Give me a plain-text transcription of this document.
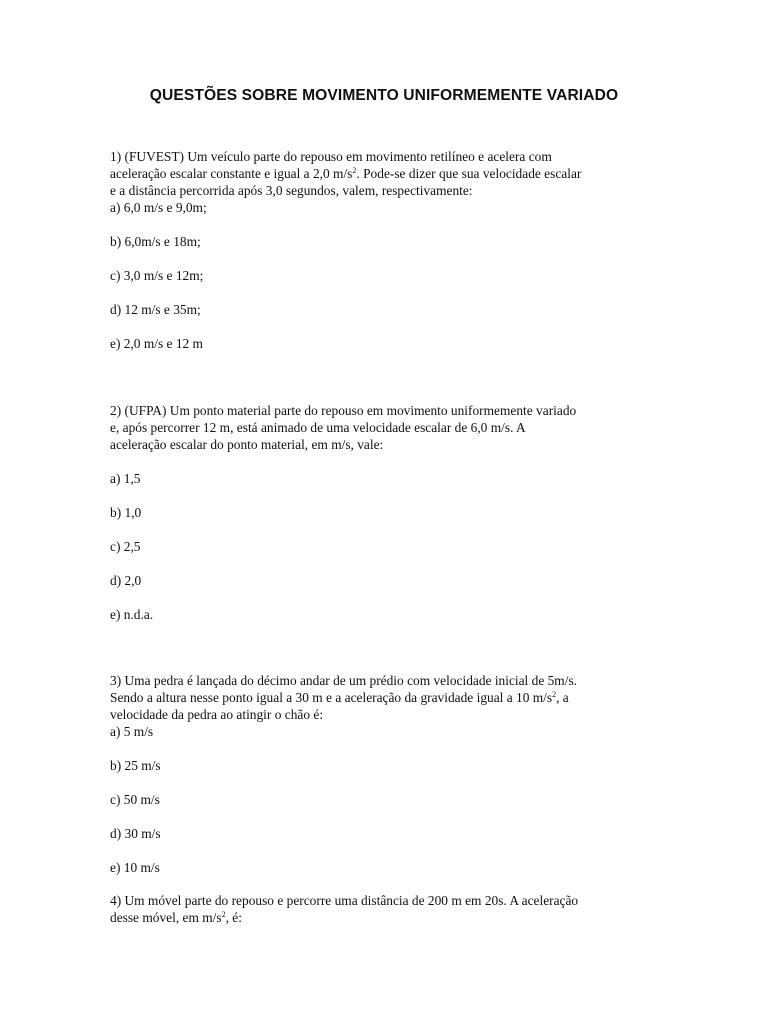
QUESTÕES SOBRE MOVIMENTO UNIFORMEMENTE VARIADO
1) (FUVEST) Um veículo parte do repouso em movimento retilíneo e acelera com
aceleração escalar constante e igual a 2,0 $m/s^2$. Pode-se dizer que sua velocidade escalar
e a distância percorrida após 3,0 segundos, valem, respectivamente:
a) 6,0 m/s e 9,0m;
b) 6,0m/s e 18m;
c) 3,0 m/s e 12m;
d) 12 m/s e 35m;
e) 2,0 m/s e 12 m
2) (UFPA) Um ponto material parte do repouso em movimento uniformemente variado
e, após percorrer 12 m, está animado de uma velocidade escalar de 6,0 m/s. A
aceleração escalar do ponto material, em m/s, vale:
a) 1,5
b) 1,0
c) 2,5
d) 2,0
e) n.d.a.
3) Uma pedra é lançada do décimo andar de um prédio com velocidade inicial de 5m/s.
Sendo a altura nesse ponto igual a 30 m e a aceleração da gravidade igual a 10 $m/s^2$, a
velocidade da pedra ao atingir o chão é:
a) 5 m/s
b) 25 m/s
c) 50 m/s
d) 30 m/s
e) 10 m/s
4) Um móvel parte do repouso e percorre uma distância de 200 m em 20s. A aceleração
desse móvel, em $m/s^2$, é:
